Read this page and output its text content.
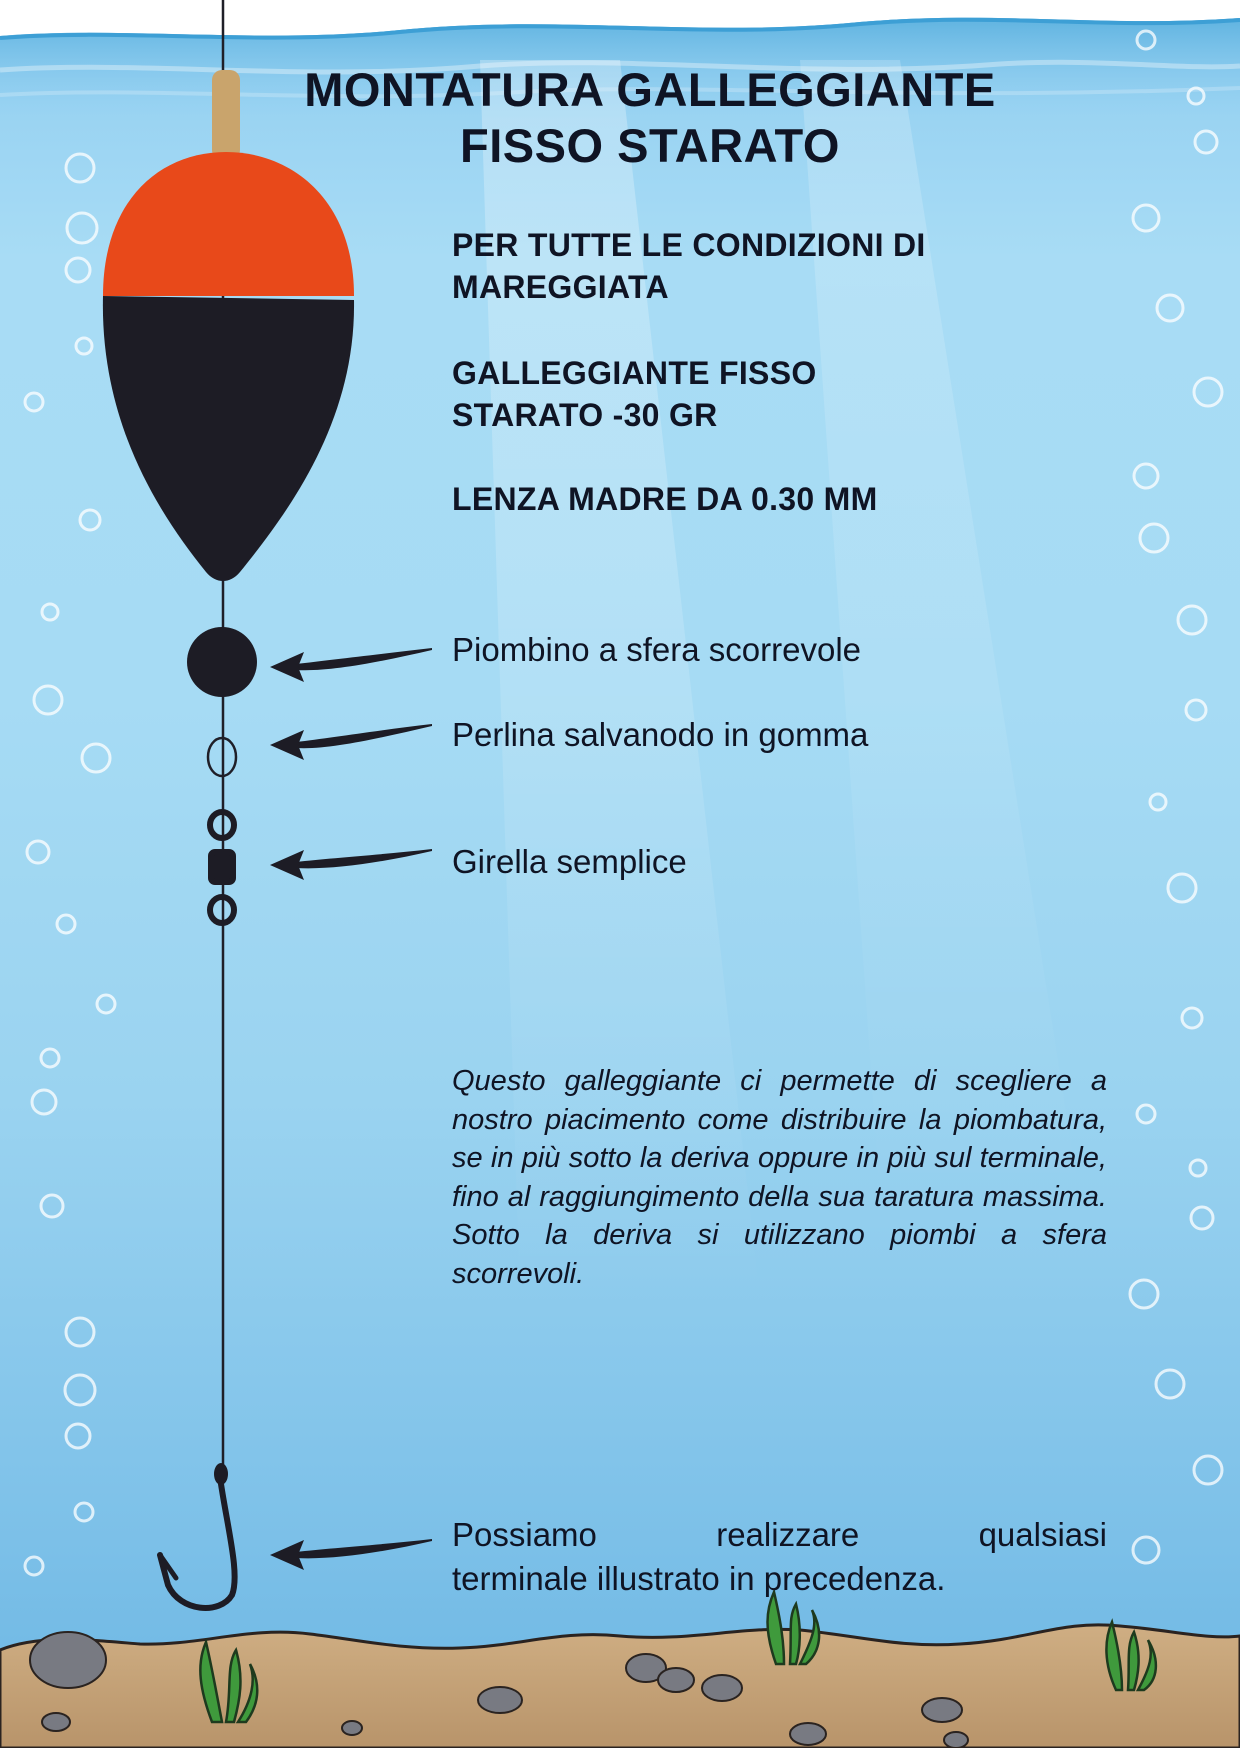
MONTATURA GALLEGGIANTE
FISSO STARATO
PER TUTTE LE CONDIZIONI DI
MAREGGIATA
GALLEGGIANTE FISSO
STARATO -30 GR
LENZA MADRE DA 0.30 MM
Piombino a sfera scorrevole
Perlina salvanodo in gomma
Girella semplice

Questo galleggiante ci permette di scegliere a nostro piacimento come distribuire la piombatura, se in più sotto la deriva oppure in più sul terminale, fino al raggiungimento della sua taratura massima. Sotto la deriva si utilizzano piombi a sfera scorrevoli.

Possiamo realizzare qualsiasi
terminale illustrato in precedenza.
